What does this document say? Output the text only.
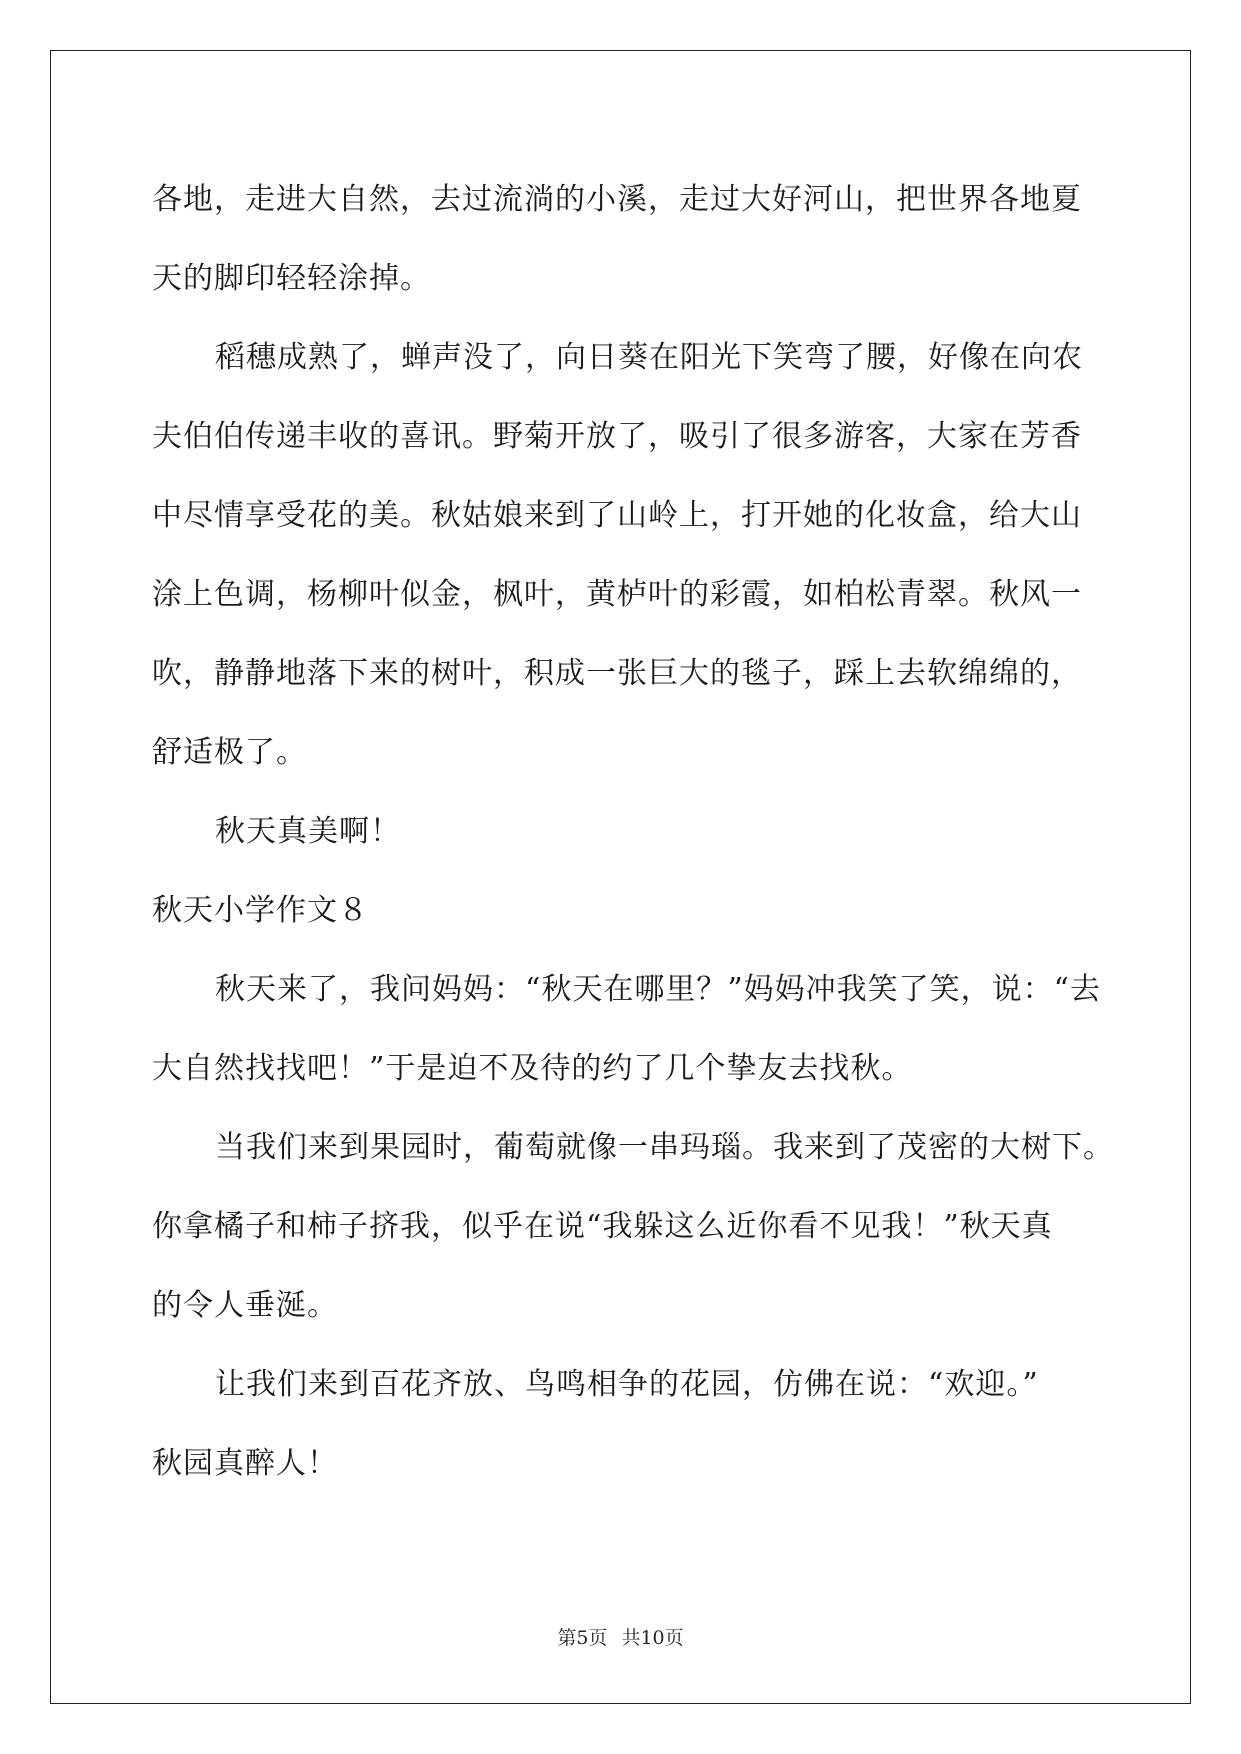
各地，走进大自然，去过流淌的小溪，走过大好河山，把世界各地夏
天的脚印轻轻涂掉。
稻穗成熟了，蝉声没了，向日葵在阳光下笑弯了腰，好像在向农
夫伯伯传递丰收的喜讯。野菊开放了，吸引了很多游客，大家在芳香
中尽情享受花的美。秋姑娘来到了山岭上，打开她的化妆盒，给大山
涂上色调，杨柳叶似金，枫叶，黄栌叶的彩霞，如柏松青翠。秋风一
吹，静静地落下来的树叶，积成一张巨大的毯子，踩上去软绵绵的，
舒适极了。
秋天真美啊！
秋天小学作文８
秋天来了，我问妈妈：“秋天在哪里？”妈妈冲我笑了笑，说：“去
大自然找找吧！”于是迫不及待的约了几个挚友去找秋。
当我们来到果园时，葡萄就像一串玛瑙。我来到了茂密的大树下。
你拿橘子和柿子挤我，似乎在说“我躲这么近你看不见我！”秋天真
的令人垂涎。
让我们来到百花齐放、鸟鸣相争的花园，仿佛在说：“欢迎。”
秋园真醉人！
第5页 共10页
